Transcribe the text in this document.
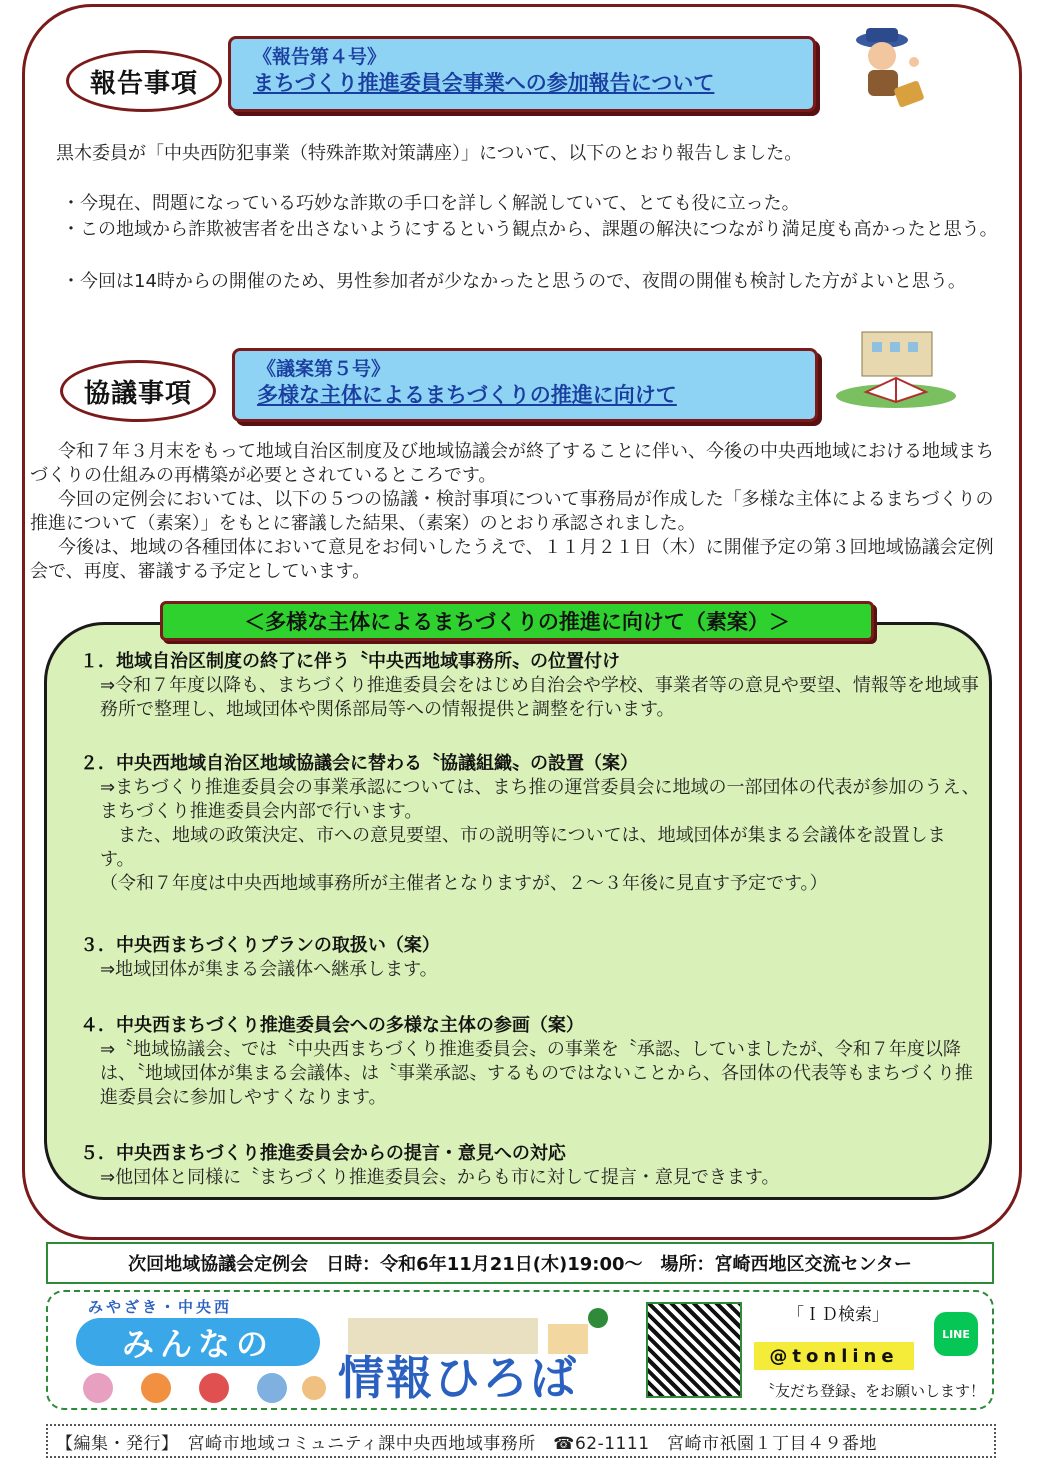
報告事項
《報告第４号》
まちづくり推進委員会事業への参加報告について
黒木委員が「中央西防犯事業（特殊詐欺対策講座）」について、以下のとおり報告しました。
・今現在、問題になっている巧妙な詐欺の手口を詳しく解説していて、とても役に立った。
・この地域から詐欺被害者を出さないようにするという観点から、課題の解決につながり満足度も高かったと思う。
・今回は14時からの開催のため、男性参加者が少なかったと思うので、夜間の開催も検討した方がよいと思う。
協議事項
《議案第５号》
多様な主体によるまちづくりの推進に向けて
令和７年３月末をもって地域自治区制度及び地域協議会が終了することに伴い、今後の中央西地域における地域まちづくりの仕組みの再構築が必要とされているところです。
今回の定例会においては、以下の５つの協議・検討事項について事務局が作成した「多様な主体によるまちづくりの推進について（素案）」をもとに審議した結果、（素案）のとおり承認されました。
今後は、地域の各種団体において意見をお伺いしたうえで、１１月２１日（木）に開催予定の第３回地域協議会定例会で、再度、審議する予定としています。
＜多様な主体によるまちづくりの推進に向けて（素案）＞
１．地域自治区制度の終了に伴う〝中央西地域事務所〟の位置付け
⇒令和７年度以降も、まちづくり推進委員会をはじめ自治会や学校、事業者等の意見や要望、情報等を地域事務所で整理し、地域団体や関係部局等への情報提供と調整を行います。
２．中央西地域自治区地域協議会に替わる〝協議組織〟の設置（案）
⇒まちづくり推進委員会の事業承認については、まち推の運営委員会に地域の一部団体の代表が参加のうえ、まちづくり推進委員会内部で行います。
　また、地域の政策決定、市への意見要望、市の説明等については、地域団体が集まる会議体を設置します。
（令和７年度は中央西地域事務所が主催者となりますが、２～３年後に見直す予定です。）
３．中央西まちづくりプランの取扱い（案）
⇒地域団体が集まる会議体へ継承します。
４．中央西まちづくり推進委員会への多様な主体の参画（案）
⇒〝地域協議会〟では〝中央西まちづくり推進委員会〟の事業を〝承認〟していましたが、令和７年度以降は、〝地域団体が集まる会議体〟は〝事業承認〟するものではないことから、各団体の代表等もまちづくり推進委員会に参加しやすくなります。
５．中央西まちづくり推進委員会からの提言・意見への対応
⇒他団体と同様に〝まちづくり推進委員会〟からも市に対して提言・意見できます。
次回地域協議会定例会　日時：令和6年11月21日(木)19:00～　場所：宮崎西地区交流センター
みやざき・中央西
みんなの
情報ひろば
「ＩＤ検索」
@tonline
LINE
〝友だち登録〟をお願いします！
【編集・発行】　宮崎市地域コミュニティ課中央西地域事務所　☎62-1111　宮崎市祇園１丁目４９番地
